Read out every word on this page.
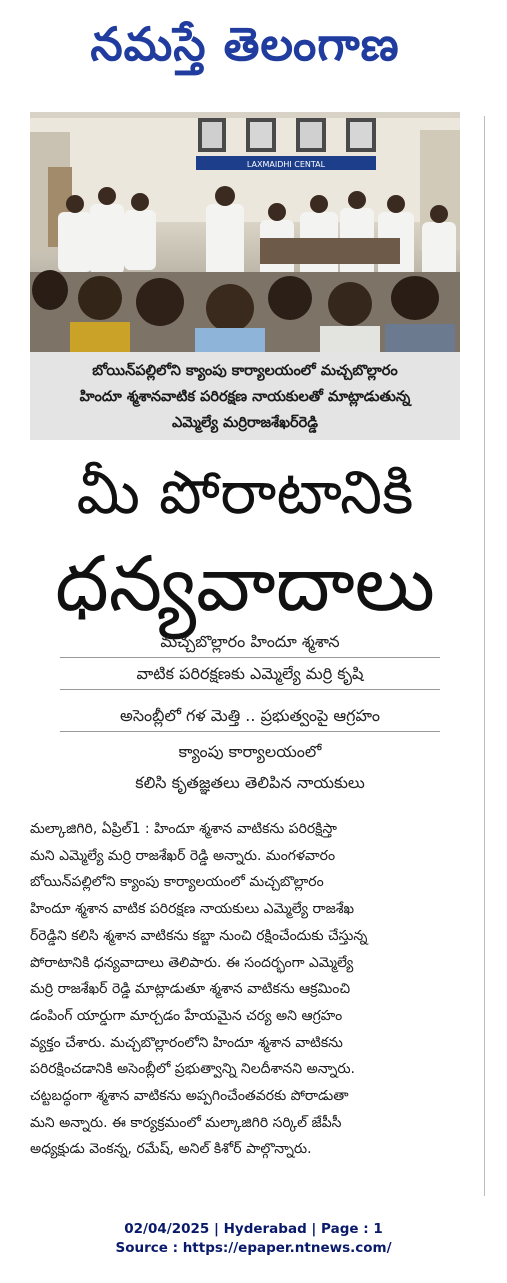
నమస్తే తెలంగాణ
LAXMAIDHI CENTAL
బోయిన్‌పల్లిలోని క్యాంపు కార్యాలయంలో మచ్చబొల్లారం
హిందూ శ్మశానవాటిక పరిరక్షణ నాయకులతో మాట్లాడుతున్న
ఎమ్మెల్యే మర్రిరాజశేఖర్‌రెడ్డి
మీ పోరాటానికి
ధన్యవాదాలు
మచ్చబొల్లారం హిందూ శ్మశాన
వాటిక పరిరక్షణకు ఎమ్మెల్యే మర్రి కృషి
అసెంబ్లీలో గళ మెత్తి .. ప్రభుత్వంపై ఆగ్రహం
క్యాంపు కార్యాలయంలో
కలిసి కృతజ్ఞతలు తెలిపిన నాయకులు
మల్కాజిగిరి, ఏప్రిల్1 : హిందూ శ్మశాన వాటికను పరిరక్షిస్తా
మని ఎమ్మెల్యే మర్రి రాజశేఖర్ రెడ్డి అన్నారు. మంగళవారం
బోయిన్‌పల్లిలోని క్యాంపు కార్యాలయంలో మచ్చబొల్లారం
హిందూ శ్మశాన వాటిక పరిరక్షణ నాయకులు ఎమ్మెల్యే రాజశేఖ
ర్‌రెడ్డిని కలిసి శ్మశాన వాటికను కబ్జా నుంచి రక్షించేందుకు చేస్తున్న
పోరాటానికి ధన్యవాదాలు తెలిపారు. ఈ సందర్భంగా ఎమ్మెల్యే
మర్రి రాజశేఖర్ రెడ్డి మాట్లాడుతూ శ్మశాన వాటికను ఆక్రమించి
డంపింగ్ యార్డుగా మార్చడం హేయమైన చర్య అని ఆగ్రహం
వ్యక్తం చేశారు. మచ్చబొల్లారంలోని హిందూ శ్మశాన వాటికను
పరిరక్షించడానికి అసెంబ్లీలో ప్రభుత్వాన్ని నిలదీశానని అన్నారు.
చట్టబద్ధంగా శ్మశాన వాటికను అప్పగించేంతవరకు పోరాడుతా
మని అన్నారు. ఈ కార్యక్రమంలో మల్కాజిగిరి సర్కిల్ జేపీసీ
అధ్యక్షుడు వెంకన్న, రమేష్, అనిల్ కిశోర్ పాల్గొన్నారు.
02/04/2025 | Hyderabad | Page : 1
Source : https://epaper.ntnews.com/
